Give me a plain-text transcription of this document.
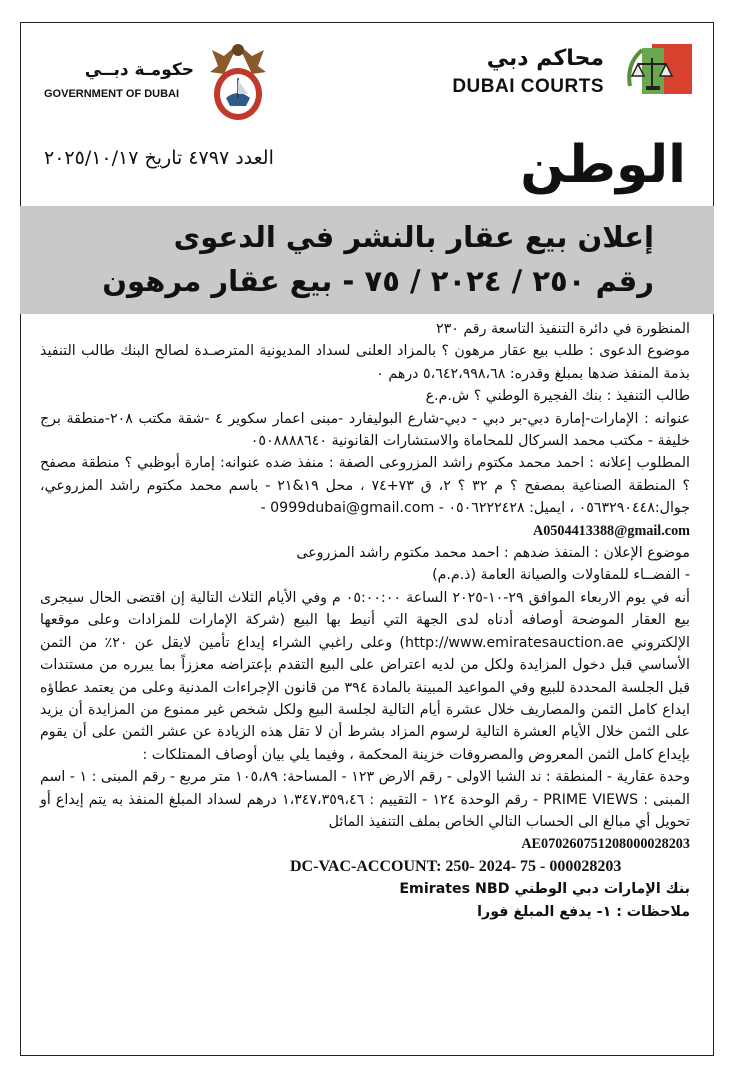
محاكم دبي
DUBAI COURTS
حكومـة دبــي
GOVERNMENT OF DUBAI
الوطن
العدد ٤٧٩٧ تاريخ ٢٠٢٥/١٠/١٧
إعلان بيع عقار بالنشر في الدعوى
رقم ٢٥٠ / ٢٠٢٤ / ٧٥ - بيع عقار مرهون

المنظورة في دائرة التنفيذ التاسعة رقم ٢٣٠

موضوع الدعوى : طلب بيع عقار مرهون ؟ بالمزاد العلنى لسداد المديونية المترصـدة لصالح البنك طالب التنفيذ بذمة المنفذ ضدها بمبلغ وقدره: ٥،٦٤٢،٩٩٨،٦٨ درهم ٠

طالب التنفيذ : بنك الفجيرة الوطني ؟ ش.م.ع

عنوانه : الإمارات-إمارة دبي-بر دبي - دبي-شارع البوليفارد -مبنى اعمار سكوير ٤ -شقة مكتب ٢٠٨-منطقة برج خليفة - مكتب محمد السركال للمحاماة والاستشارات القانونية ٠٥٠٨٨٨٨٦٤٠

المطلوب إعلانه : احمد محمد مكتوم راشد المزروعى الصفة : منفذ ضده عنوانه: إمارة أبوظبي ؟ منطقة مصفح ؟ المنطقة الصناعية بمصفح ؟ م ٣٢ ؟ ٢، ق ٧٣+٧٤ ، محل ١٩&٢١ - باسم محمد مكتوم راشد المزروعي، جوال:٠٥٦٣٢٩٠٤٤٨ ، ايميل: ٠٥٠٦٢٢٢٤٢٨ - 0999dubai@gmail.com -

A0504413388@gmail.com

موضوع الإعلان : المنفذ ضدهم : احمد محمد مكتوم راشد المزروعى

- الفضــاء للمقاولات والصيانة العامة (ذ.م.م)

أنه في يوم الاربعاء الموافق ٢٩-١٠-٢٠٢٥ الساعة ٠٥:٠٠:٠٠ م وفي الأيام الثلاث التالية إن اقتضى الحال سيجرى بيع العقار الموضحة أوصافه أدناه لدى الجهة التي أنيط بها البيع (شركة الإمارات للمزادات وعلى موقعها الإلكتروني http://www.emiratesauction.ae) وعلى راغبي الشراء إيداع تأمين لايقل عن ٢٠٪ من الثمن الأساسي قبل دخول المزايدة ولكل من لديه اعتراض على البيع التقدم بإعتراضه معززاً بما يبرره من مستندات قبل الجلسة المحددة للبيع وفي المواعيد المبينة بالمادة ٣٩٤ من قانون الإجراءات المدنية وعلى من يعتمد عطاؤه ايداع كامل الثمن والمصاريف خلال عشرة أيام التالية لجلسة البيع ولكل شخص غير ممنوع من المزايدة أن يزيد على الثمن خلال الأيام العشرة التالية لرسوم المزاد بشرط أن لا تقل هذه الزيادة عن عشر الثمن على أن يقوم بإيداع كامل الثمن المعروض والمصروفات خزينة المحكمة ، وفيما يلي بيان أوصاف الممتلكات :

وحدة عقارية - المنطقة : ند الشبا الاولى - رقم الارض ١٢٣ - المساحة: ١٠٥،٨٩ متر مربع - رقم المبنى : ١ - اسم المبنى : PRIME VIEWS - رقم الوحدة ١٢٤ - التقييم : ١،٣٤٧،٣٥٩،٤٦ درهم لسداد المبلغ المنفذ به يتم إيداع أو تحويل أي مبالغ الى الحساب التالي الخاص بملف التنفيذ المائل

AE070260751208000028203

DC-VAC-ACCOUNT: 250- 2024- 75 - 000028203

بنك الإمارات دبي الوطني Emirates NBD

ملاحظات : ١- يدفع المبلغ فورا
